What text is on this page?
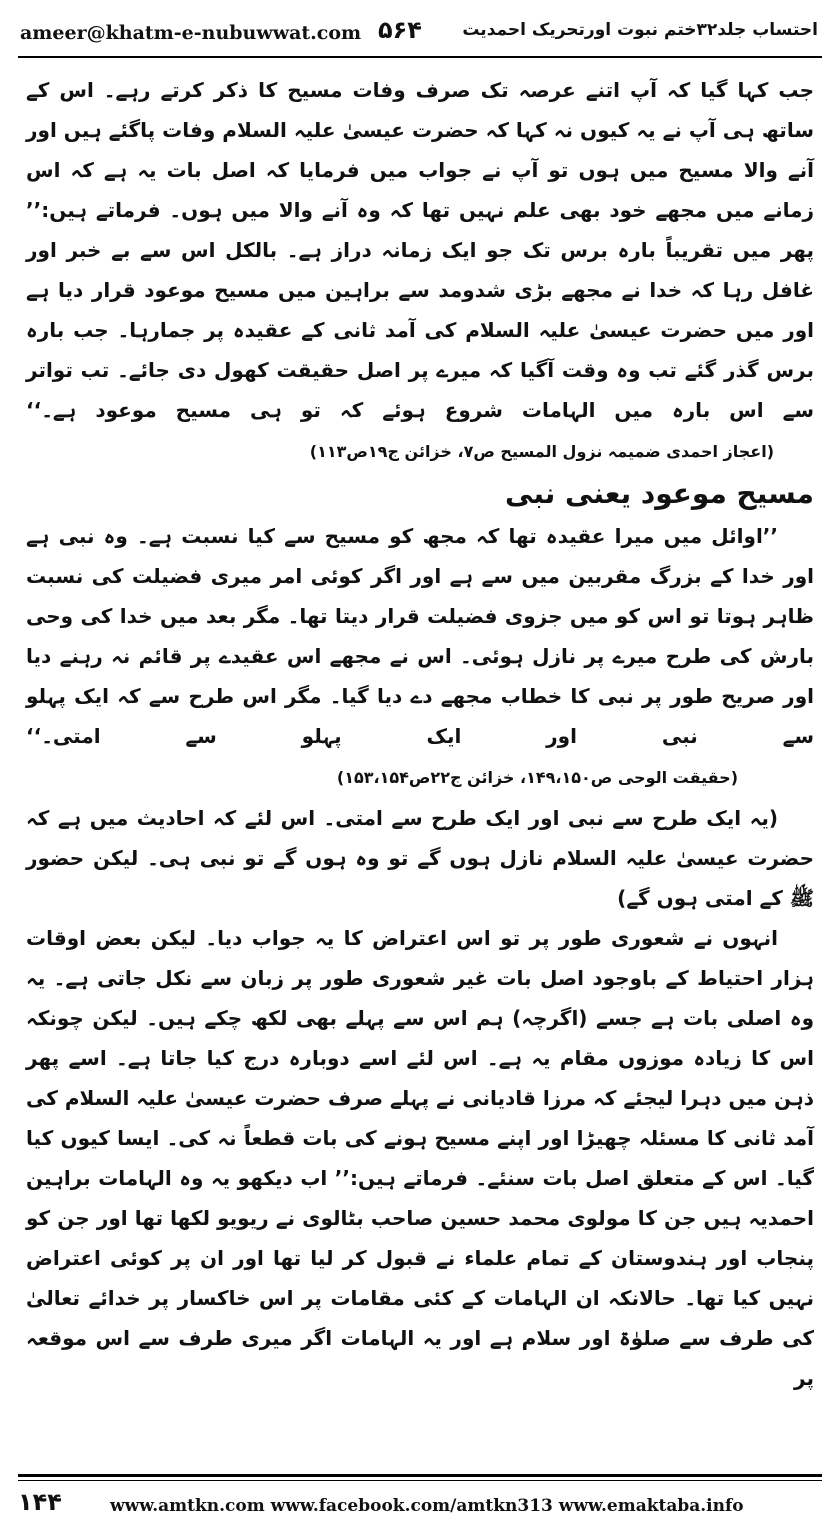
ameer@khatm-e-nubuwwat.com ۵۶۴ احتساب جلد۳۲ختم نبوت اورتحریک احمدیت

جب کہا گیا کہ آپ اتنے عرصہ تک صرف وفات مسیح کا ذکر کرتے رہے۔ اس کے ساتھ ہی آپ نے یہ کیوں نہ کہا کہ حضرت عیسیٰ علیہ السلام وفات پاگئے ہیں اور آنے والا مسیح میں ہوں تو آپ نے جواب میں فرمایا کہ اصل بات یہ ہے کہ اس زمانے میں مجھے خود بھی علم نہیں تھا کہ وہ آنے والا میں ہوں۔ فرماتے ہیں:’’ پھر میں تقریباً بارہ برس تک جو ایک زمانہ دراز ہے۔ بالکل اس سے بے خبر اور غافل رہا کہ خدا نے مجھے بڑی شدومد سے براہین میں مسیح موعود قرار دیا ہے اور میں حضرت عیسیٰ علیہ السلام کی آمد ثانی کے عقیدہ پر جمارہا۔ جب بارہ برس گذر گئے تب وہ وقت آگیا کہ میرے پر اصل حقیقت کھول دی جائے۔ تب تواتر سے اس بارہ میں الہامات شروع ہوئے کہ تو ہی مسیح موعود ہے۔‘‘ (اعجاز احمدی ضمیمہ نزول المسیح ص۷، خزائن ج۱۹ص۱۱۳)

مسیح موعود یعنی نبی

’’اوائل میں میرا عقیدہ تھا کہ مجھ کو مسیح سے کیا نسبت ہے۔ وہ نبی ہے اور خدا کے بزرگ مقربین میں سے ہے اور اگر کوئی امر میری فضیلت کی نسبت ظاہر ہوتا تو اس کو میں جزوی فضیلت قرار دیتا تھا۔ مگر بعد میں خدا کی وحی بارش کی طرح میرے پر نازل ہوئی۔ اس نے مجھے اس عقیدے پر قائم نہ رہنے دیا اور صریح طور پر نبی کا خطاب مجھے دے دیا گیا۔ مگر اس طرح سے کہ ایک پہلو سے نبی اور ایک پہلو سے امتی۔‘‘ (حقیقت الوحی ص۱۴۹،۱۵۰، خزائن ج۲۲ص۱۵۳،۱۵۴)

(یہ ایک طرح سے نبی اور ایک طرح سے امتی۔ اس لئے کہ احادیث میں ہے کہ حضرت عیسیٰ علیہ السلام نازل ہوں گے تو وہ ہوں گے تو نبی ہی۔ لیکن حضور ﷺ کے امتی ہوں گے)

انہوں نے شعوری طور پر تو اس اعتراض کا یہ جواب دیا۔ لیکن بعض اوقات ہزار احتیاط کے باوجود اصل بات غیر شعوری طور پر زبان سے نکل جاتی ہے۔ یہ وہ اصلی بات ہے جسے (اگرچہ) ہم اس سے پہلے بھی لکھ چکے ہیں۔ لیکن چونکہ اس کا زیادہ موزوں مقام یہ ہے۔ اس لئے اسے دوبارہ درج کیا جاتا ہے۔ اسے پھر ذہن میں دہرا لیجئے کہ مرزا قادیانی نے پہلے صرف حضرت عیسیٰ علیہ السلام کی آمد ثانی کا مسئلہ چھیڑا اور اپنے مسیح ہونے کی بات قطعاً نہ کی۔ ایسا کیوں کیا گیا۔ اس کے متعلق اصل بات سنئے۔ فرماتے ہیں:’’ اب دیکھو یہ وہ الہامات براہین احمدیہ ہیں جن کا مولوی محمد حسین صاحب بٹالوی نے ریویو لکھا تھا اور جن کو پنجاب اور ہندوستان کے تمام علماء نے قبول کر لیا تھا اور ان پر کوئی اعتراض نہیں کیا تھا۔ حالانکہ ان الہامات کے کئی مقامات پر اس خاکسار پر خدائے تعالیٰ کی طرف سے صلوٰۃ اور سلام ہے اور یہ الہامات اگر میری طرف سے اس موقعہ پر

۱۴۴	www.amtkn.com www.facebook.com/amtkn313 www.emaktaba.info
